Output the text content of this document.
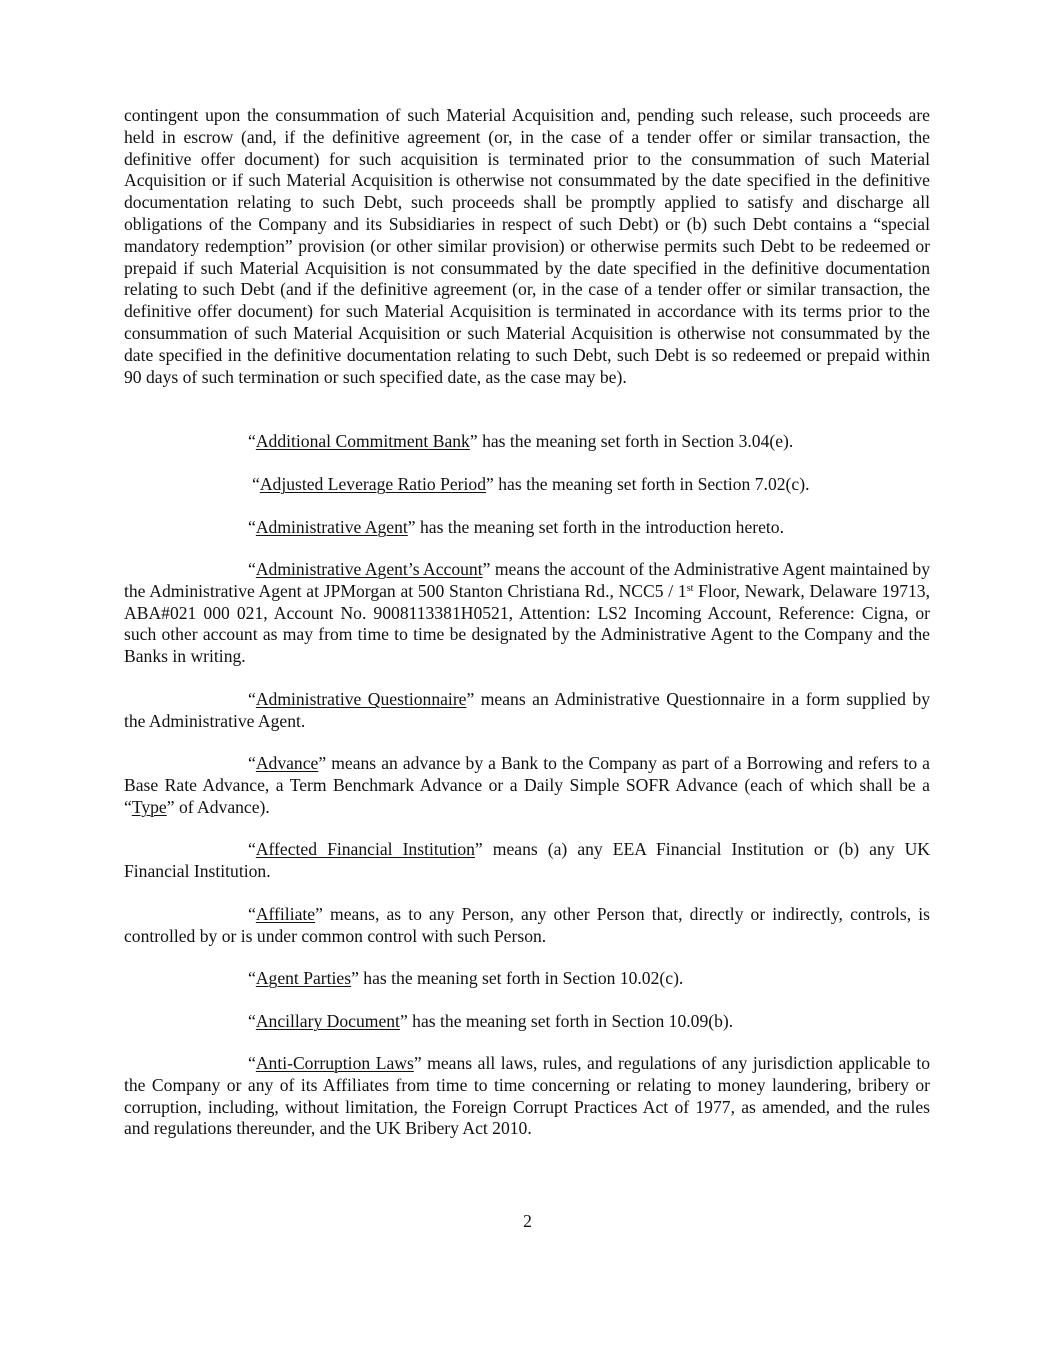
contingent upon the consummation of such Material Acquisition and, pending such release, such proceeds are held in escrow (and, if the definitive agreement (or, in the case of a tender offer or similar transaction, the definitive offer document) for such acquisition is terminated prior to the consummation of such Material Acquisition or if such Material Acquisition is otherwise not consummated by the date specified in the definitive documentation relating to such Debt, such proceeds shall be promptly applied to satisfy and discharge all obligations of the Company and its Subsidiaries in respect of such Debt) or (b) such Debt contains a “special mandatory redemption” provision (or other similar provision) or otherwise permits such Debt to be redeemed or prepaid if such Material Acquisition is not consummated by the date specified in the definitive documentation relating to such Debt (and if the definitive agreement (or, in the case of a tender offer or similar transaction, the definitive offer document) for such Material Acquisition is terminated in accordance with its terms prior to the consummation of such Material Acquisition or such Material Acquisition is otherwise not consummated by the date specified in the definitive documentation relating to such Debt, such Debt is so redeemed or prepaid within 90 days of such termination or such specified date, as the case may be).

“Additional Commitment Bank” has the meaning set forth in Section 3.04(e).

“Adjusted Leverage Ratio Period” has the meaning set forth in Section 7.02(c).

“Administrative Agent” has the meaning set forth in the introduction hereto.

“Administrative Agent’s Account” means the account of the Administrative Agent maintained by the Administrative Agent at JPMorgan at 500 Stanton Christiana Rd., NCC5 / 1st Floor, Newark, Delaware 19713, ABA#021 000 021, Account No. 9008113381H0521, Attention: LS2 Incoming Account, Reference: Cigna, or such other account as may from time to time be designated by the Administrative Agent to the Company and the Banks in writing.

“Administrative Questionnaire” means an Administrative Questionnaire in a form supplied by the Administrative Agent.

“Advance” means an advance by a Bank to the Company as part of a Borrowing and refers to a Base Rate Advance, a Term Benchmark Advance or a Daily Simple SOFR Advance (each of which shall be a “Type” of Advance).

“Affected Financial Institution” means (a) any EEA Financial Institution or (b) any UK Financial Institution.

“Affiliate” means, as to any Person, any other Person that, directly or indirectly, controls, is controlled by or is under common control with such Person.

“Agent Parties” has the meaning set forth in Section 10.02(c).

“Ancillary Document” has the meaning set forth in Section 10.09(b).

“Anti-Corruption Laws” means all laws, rules, and regulations of any jurisdiction applicable to the Company or any of its Affiliates from time to time concerning or relating to money laundering, bribery or corruption, including, without limitation, the Foreign Corrupt Practices Act of 1977, as amended, and the rules and regulations thereunder, and the UK Bribery Act 2010.

2
